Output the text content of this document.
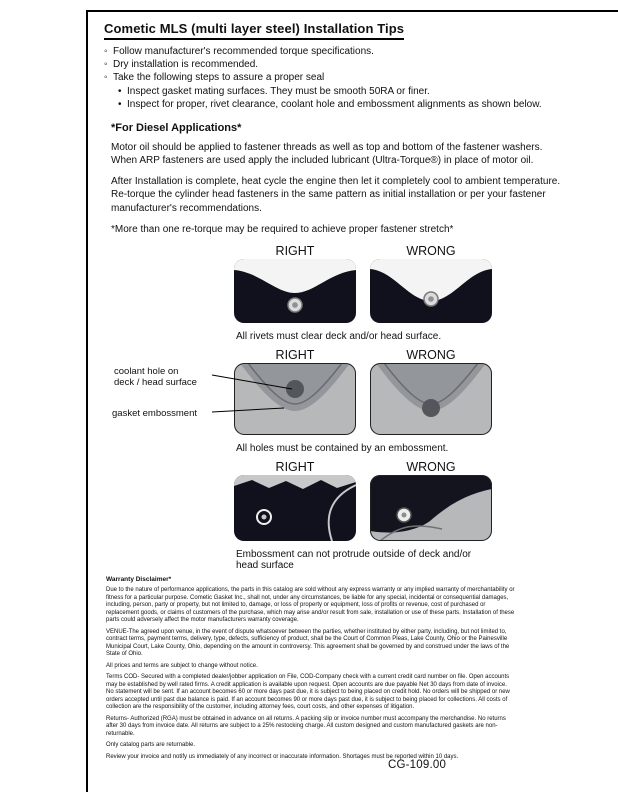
Cometic MLS (multi layer steel) Installation Tips
◦ Follow manufacturer's recommended torque specifications.
◦ Dry installation is recommended.
◦ Take the following steps to assure a proper seal
• Inspect gasket mating surfaces. They must be smooth 50RA or finer.
• Inspect for proper, rivet clearance, coolant hole and embossment alignments as shown below.
*For Diesel Applications*

Motor oil should be applied to fastener threads as well as top and bottom of the fastener washers. When ARP fasteners are used apply the included lubricant (Ultra-Torque®) in place of motor oil.

After Installation is complete, heat cycle the engine then let it completely cool to ambient temperature. Re-torque the cylinder head fasteners in the same pattern as initial installation or per your fastener manufacturer's recommendations.

*More than one re-torque may be required to achieve proper fastener stretch*

RIGHT	WRONG
All rivets must clear deck and/or head surface.
coolant hole on deck / head surface
gasket embossment
RIGHT	WRONG
All holes must be contained by an embossment.
RIGHT	WRONG
Embossment can not protrude outside of deck and/or head surface
Warranty Disclaimer*

Due to the nature of performance applications, the parts in this catalog are sold without any express warranty or any implied warranty of merchantability or fitness for a particular purpose. Cometic Gasket Inc., shall not, under any circumstances, be liable for any special, incidental or consequential damages, including, person, party or property, but not limited to, damage, or loss of property or equipment, loss of profits or revenue, cost of purchased or replacement goods, or claims of customers of the purchase, which may arise and/or result from sale, installation or use of these parts. Installation of these parts could adversely affect the motor manufacturers warranty coverage.

VENUE-The agreed upon venue, in the event of dispute whatsoever between the parties, whether instituted by either party, including, but not limited to, contract terms, payment terms, delivery, type, defects, sufficiency of product, shall be the Court of Common Pleas, Lake County, Ohio or the Painesville Municipal Court, Lake County, Ohio, depending on the amount in controversy. This agreement shall be governed by and construed under the laws of the State of Ohio.

All prices and terms are subject to change without notice.

Terms COD- Secured with a completed dealer/jobber application on File, COD-Company check with a current credit card number on file. Open accounts may be established by well rated firms. A credit application is available upon request. Open accounts are due payable Net 30 days from date of invoice. No statement will be sent. If an account becomes 60 or more days past due, it is subject to being placed on credit hold. No orders will be shipped or new orders accepted until past due balance is paid. If an account becomes 90 or more days past due, it is subject to being placed for collections. All costs of collection are the responsibility of the customer, including attorney fees, court costs, and other expenses of litigation.

Returns- Authorized (RGA) must be obtained in advance on all returns. A packing slip or invoice number must accompany the merchandise. No returns after 30 days from invoice date. All returns are subject to a 25% restocking charge. All custom designed and custom manufactured gaskets are non-returnable.

Only catalog parts are returnable.

Review your invoice and notify us immediately of any incorrect or inaccurate information. Shortages must be reported within 10 days.

CG-109.00
